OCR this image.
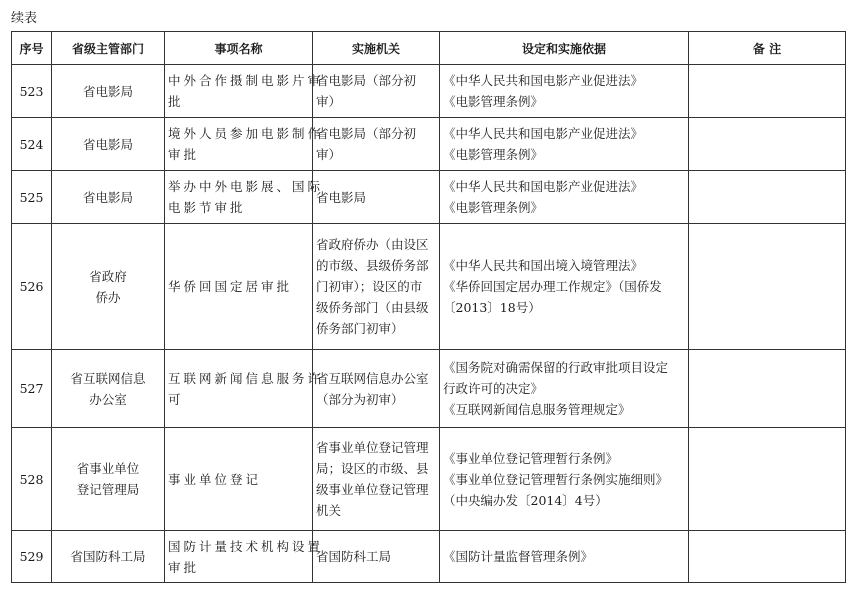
续表
序号	省级主管部门	事项名称	实施机关	设定和实施依据	备 注
523	省电影局	中外合作摄制电影片审
批	省电影局（部分初
审）	《中华人民共和国电影产业促进法》
《电影管理条例》	

524	省电影局	境外人员参加电影制作
审批	省电影局（部分初
审）	《中华人民共和国电影产业促进法》
《电影管理条例》	

525	省电影局	举办中外电影展、国际
电影节审批	省电影局	《中华人民共和国电影产业促进法》
《电影管理条例》	

526	省政府
侨办	华侨回国定居审批	省政府侨办（由设区
的市级、县级侨务部
门初审）；设区的市
级侨务部门（由县级
侨务部门初审）	《中华人民共和国出境入境管理法》
《华侨回国定居办理工作规定》（国侨发
〔2013〕18号）	

527	省互联网信息
办公室	互联网新闻信息服务许
可	省互联网信息办公室
（部分为初审）	《国务院对确需保留的行政审批项目设定
行政许可的决定》
《互联网新闻信息服务管理规定》	

528	省事业单位
登记管理局	事业单位登记	省事业单位登记管理
局；设区的市级、县
级事业单位登记管理
机关	《事业单位登记管理暂行条例》
《事业单位登记管理暂行条例实施细则》
（中央编办发〔2014〕4号）	

529	省国防科工局	国防计量技术机构设置
审批	省国防科工局	《国防计量监督管理条例》	
